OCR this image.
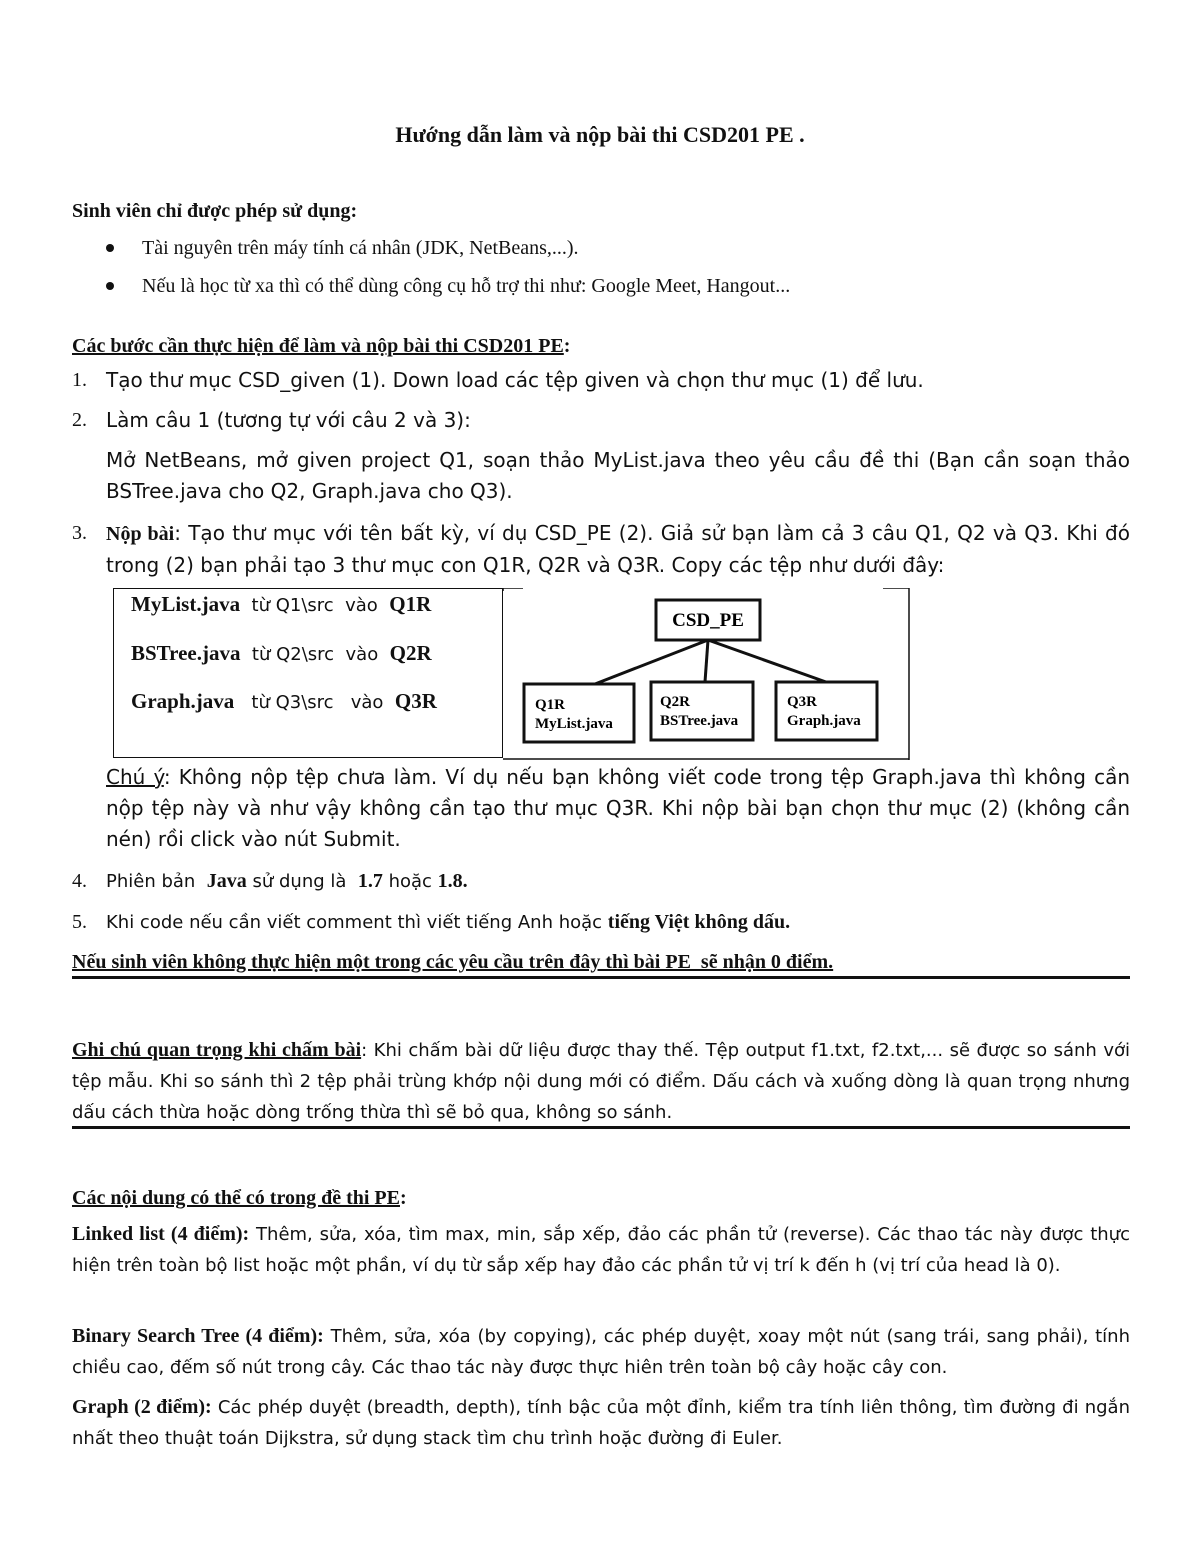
Hướng dẫn làm và nộp bài thi CSD201 PE .
Sinh viên chỉ được phép sử dụng:
Tài nguyên trên máy tính cá nhân (JDK, NetBeans,...).
Nếu là học từ xa thì có thể dùng công cụ hỗ trợ thi như: Google Meet, Hangout...
Các bước cần thực hiện để làm và nộp bài thi CSD201 PE:
1. Tạo thư mục CSD_given (1). Down load các tệp given và chọn thư mục (1) để lưu.
2. Làm câu 1 (tương tự với câu 2 và 3):
Mở NetBeans, mở given project Q1, soạn thảo MyList.java theo yêu cầu đề thi (Bạn cần soạn thảo BSTree.java cho Q2, Graph.java cho Q3).
3. Nộp bài: Tạo thư mục với tên bất kỳ, ví dụ CSD_PE (2). Giả sử bạn làm cả 3 câu Q1, Q2 và Q3. Khi đó trong (2) bạn phải tạo 3 thư mục con Q1R, Q2R và Q3R. Copy các tệp như dưới đây:
MyList.java  từ Q1\src  vào  Q1R
BSTree.java  từ Q2\src  vào  Q2R
Graph.java   từ Q3\src   vào  Q3R
CSD_PE
Q1R
MyList.java
Q2R
BSTree.java
Q3R
Graph.java
Chú ý: Không nộp tệp chưa làm. Ví dụ nếu bạn không viết code trong tệp Graph.java thì không cần nộp tệp này và như vậy không cần tạo thư mục Q3R. Khi nộp bài bạn chọn thư mục (2) (không cần nén) rồi click vào nút Submit.
4.	Phiên bản  Java sử dụng là  1.7 hoặc 1.8.
5.	Khi code nếu cần viết comment thì viết tiếng Anh hoặc tiếng Việt không dấu.
Nếu sinh viên không thực hiện một trong các yêu cầu trên đây thì bài PE  sẽ nhận 0 điểm.
Ghi chú quan trọng khi chấm bài: Khi chấm bài dữ liệu được thay thế. Tệp output f1.txt, f2.txt,... sẽ được so sánh với tệp mẫu. Khi so sánh thì 2 tệp phải trùng khớp nội dung mới có điểm. Dấu cách và xuống dòng là quan trọng nhưng dấu cách thừa hoặc dòng trống thừa thì sẽ bỏ qua, không so sánh.
Các nội dung có thể có trong đề thi PE:
Linked list (4 điểm): Thêm, sửa, xóa, tìm max, min, sắp xếp, đảo các phần tử (reverse). Các thao tác này được thực hiện trên toàn bộ list hoặc một phần, ví dụ từ sắp xếp hay đảo các phần tử vị trí k đến h (vị trí của head là 0).
Binary Search Tree (4 điểm): Thêm, sửa, xóa (by copying), các phép duyệt, xoay một nút (sang trái, sang phải), tính chiều cao, đếm số nút trong cây. Các thao tác này được thực hiên trên toàn bộ cây hoặc cây con.
Graph (2 điểm): Các phép duyệt (breadth, depth), tính bậc của một đỉnh, kiểm tra tính liên thông, tìm đường đi ngắn nhất theo thuật toán Dijkstra, sử dụng stack tìm chu trình hoặc đường đi Euler.
